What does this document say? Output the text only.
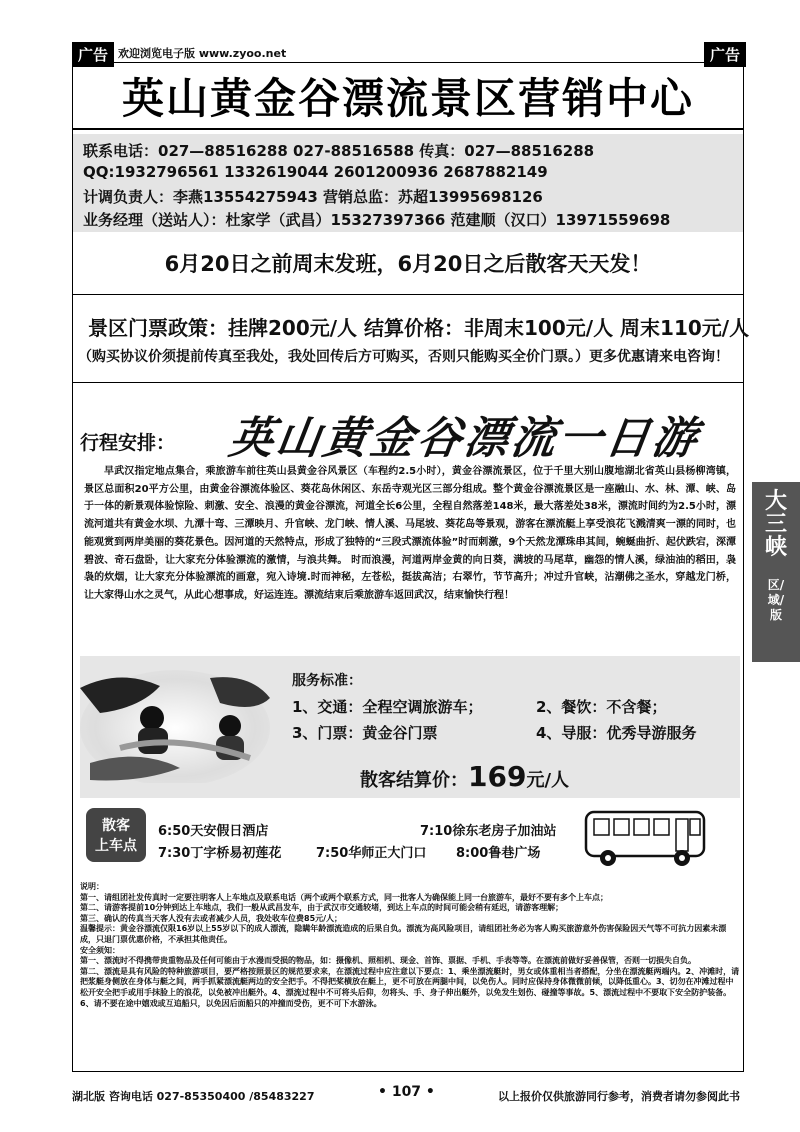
广告 欢迎浏览电子版 www.zyoo.net	广告
英山黄金谷漂流景区营销中心
联系电话：027—88516288 027-88516588 传真：027—88516288
QQ:1932796561 1332619044 2601200936 2687882149
计调负责人：李燕13554275943 营销总监：苏超13995698126
业务经理（送站人）：杜家学（武昌）15327397366 范建顺（汉口）13971559698
6月20日之前周末发班，6月20日之后散客天天发！
景区门票政策：挂牌200元/人 结算价格：非周末100元/人 周末110元/人
（购买协议价须提前传真至我处，我处回传后方可购买，否则只能购买全价门票。）更多优惠请来电咨询！
行程安排： 英山黄金谷漂流一日游
早武汉指定地点集合，乘旅游车前往英山县黄金谷风景区（车程约2.5小时），黄金谷漂流景区，位于千里大别山腹地湖北省英山县杨柳湾镇，景区总面积20平方公里，由黄金谷漂流体验区、葵花岛休闲区、东岳寺观光区三部分组成。整个黄金谷漂流景区是一座融山、水、林、潭、峡、岛于一体的新景观体验惊险、刺激、安全、浪漫的黄金谷漂流，河道全长6公里，全程自然落差148米，最大落差处38米，漂流时间约为2.5小时，漂流河道共有黄金水坝、九潭十弯、三潭映月、升官峡、龙门峡、情人溪、马尾坡、葵花岛等景观，游客在漂流艇上享受浪花飞溅清爽一漂的同时，也能观赏到两岸美丽的葵花景色。因河道的天然特点，形成了独特的“三段式漂流体验”时而刺激，9个天然龙潭珠串其间，蜿蜒曲折、起伏跌宕，深潭碧波、奇石盘卧，让大家充分体验漂流的激情，与浪共舞。 时而浪漫，河道两岸金黄的向日葵，满坡的马尾草，幽怨的情人溪，绿油油的稻田，袅袅的炊烟，让大家充分体验漂流的画意，宛入诗境.时而神秘，左苍松，挺拔高洁；右翠竹，节节高升；冲过升官峡，沾潮佛之圣水，穿越龙门桥，让大家得山水之灵气，从此心想事成，好运连连。漂流结束后乘旅游车返回武汉，结束愉快行程！
服务标准：
1、交通：全程空调旅游车；	2、餐饮：不含餐；
3、门票：黄金谷门票	4、导服：优秀导游服务
散客结算价：169元/人
散客
上车点
6:50天安假日酒店	7:10徐东老房子加油站
7:30丁字桥易初莲花	7:50华师正大门口 8:00鲁巷广场

说明：

第一、请组团社发传真时一定要注明客人上车地点及联系电话（两个或两个联系方式，同一批客人为确保能上同一台旅游车，最好不要有多个上车点；

第二、请游客提前10分钟到达上车地点，我们一般从武昌发车，由于武汉市交通较堵，到达上车点的时间可能会稍有延迟，请游客理解；

第三、确认的传真当天客人没有去或者减少人员，我处收车位费85元/人；

温馨提示：黄金谷漂流仅限16岁以上55岁以下的成人漂流，隐瞒年龄漂流造成的后果自负。漂流为高风险项目，请组团社务必为客人购买旅游意外伤害保险因天气等不可抗力因素未漂成，只退门票优惠价格，不承担其他责任。

安全须知：

第一、漂流时不得携带贵重物品及任何可能由于水漫而受损的物品，如：摄像机、照相机、现金、首饰、票据、手机、手表等等。在漂流前做好妥善保管，否则一切损失自负。

第二、漂流是具有风险的特种旅游项目，要严格按照景区的规范要求来，在漂流过程中应注意以下要点：1、乘坐漂流艇时，男女或体重相当者搭配，分坐在漂流艇两端内。2、冲滩时，请把浆艇身侧放在身体与艇之间，两手抓紧漂流艇两边的安全把手。不得把桨横放在艇上，更不可放在两腿中间，以免伤人。同时应保持身体微微前倾，以降低重心。3、切勿在冲滩过程中松开安全把手或用手抹脸上的浪花，以免被冲出艇外。4、漂流过程中不可将头后仰，勿将头、手、身子伸出艇外，以免发生划伤、碰撞等事故。5、漂流过程中不要取下安全防护装备。6、请不要在途中嬉戏或互追船只，以免因后面船只的冲撞而受伤，更不可下水游泳。

大三峡
区/域/版
湖北版 咨询电话 027-85350400 /85483227	• 107 •	以上报价仅供旅游同行参考，消费者请勿参阅此书
